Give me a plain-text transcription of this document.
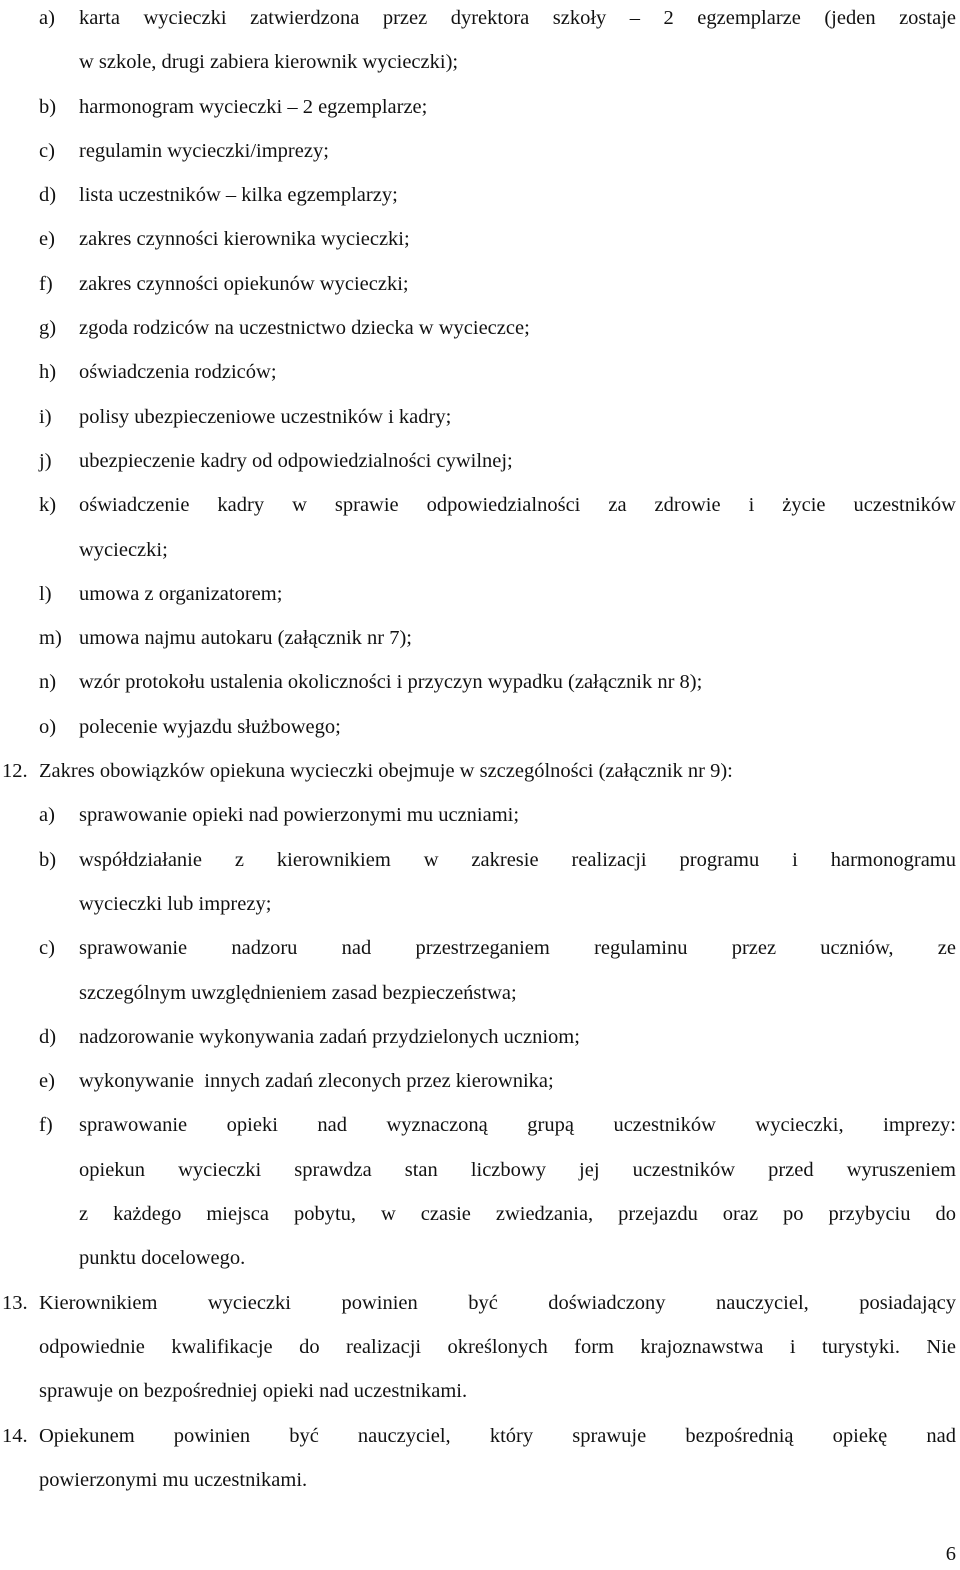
a) karta wycieczki zatwierdzona przez dyrektora szkoły – 2 egzemplarze (jeden zostaje
w szkole, drugi zabiera kierownik wycieczki);
b) harmonogram wycieczki – 2 egzemplarze;
c) regulamin wycieczki/imprezy;
d) lista uczestników – kilka egzemplarzy;
e) zakres czynności kierownika wycieczki;
f) zakres czynności opiekunów wycieczki;
g) zgoda rodziców na uczestnictwo dziecka w wycieczce;
h) oświadczenia rodziców;
i) polisy ubezpieczeniowe uczestników i kadry;
j) ubezpieczenie kadry od odpowiedzialności cywilnej;
k) oświadczenie kadry w sprawie odpowiedzialności za zdrowie i życie uczestników
wycieczki;
l) umowa z organizatorem;
m) umowa najmu autokaru (załącznik nr 7);
n) wzór protokołu ustalenia okoliczności i przyczyn wypadku (załącznik nr 8);
o) polecenie wyjazdu służbowego;
12. Zakres obowiązków opiekuna wycieczki obejmuje w szczególności (załącznik nr 9):
a) sprawowanie opieki nad powierzonymi mu uczniami;
b) współdziałanie z kierownikiem w zakresie realizacji programu i harmonogramu
wycieczki lub imprezy;
c) sprawowanie nadzoru nad przestrzeganiem regulaminu przez uczniów, ze
szczególnym uwzględnieniem zasad bezpieczeństwa;
d) nadzorowanie wykonywania zadań przydzielonych uczniom;
e) wykonywanie  innych zadań zleconych przez kierownika;
f) sprawowanie opieki nad wyznaczoną grupą uczestników wycieczki, imprezy:
opiekun wycieczki sprawdza stan liczbowy jej uczestników przed wyruszeniem
z każdego miejsca pobytu, w czasie zwiedzania, przejazdu oraz po przybyciu do
punktu docelowego.
13. Kierownikiem wycieczki powinien być doświadczony nauczyciel, posiadający
odpowiednie kwalifikacje do realizacji określonych form krajoznawstwa i turystyki. Nie
sprawuje on bezpośredniej opieki nad uczestnikami.
14. Opiekunem powinien być nauczyciel, który sprawuje bezpośrednią opiekę nad
powierzonymi mu uczestnikami.
6
